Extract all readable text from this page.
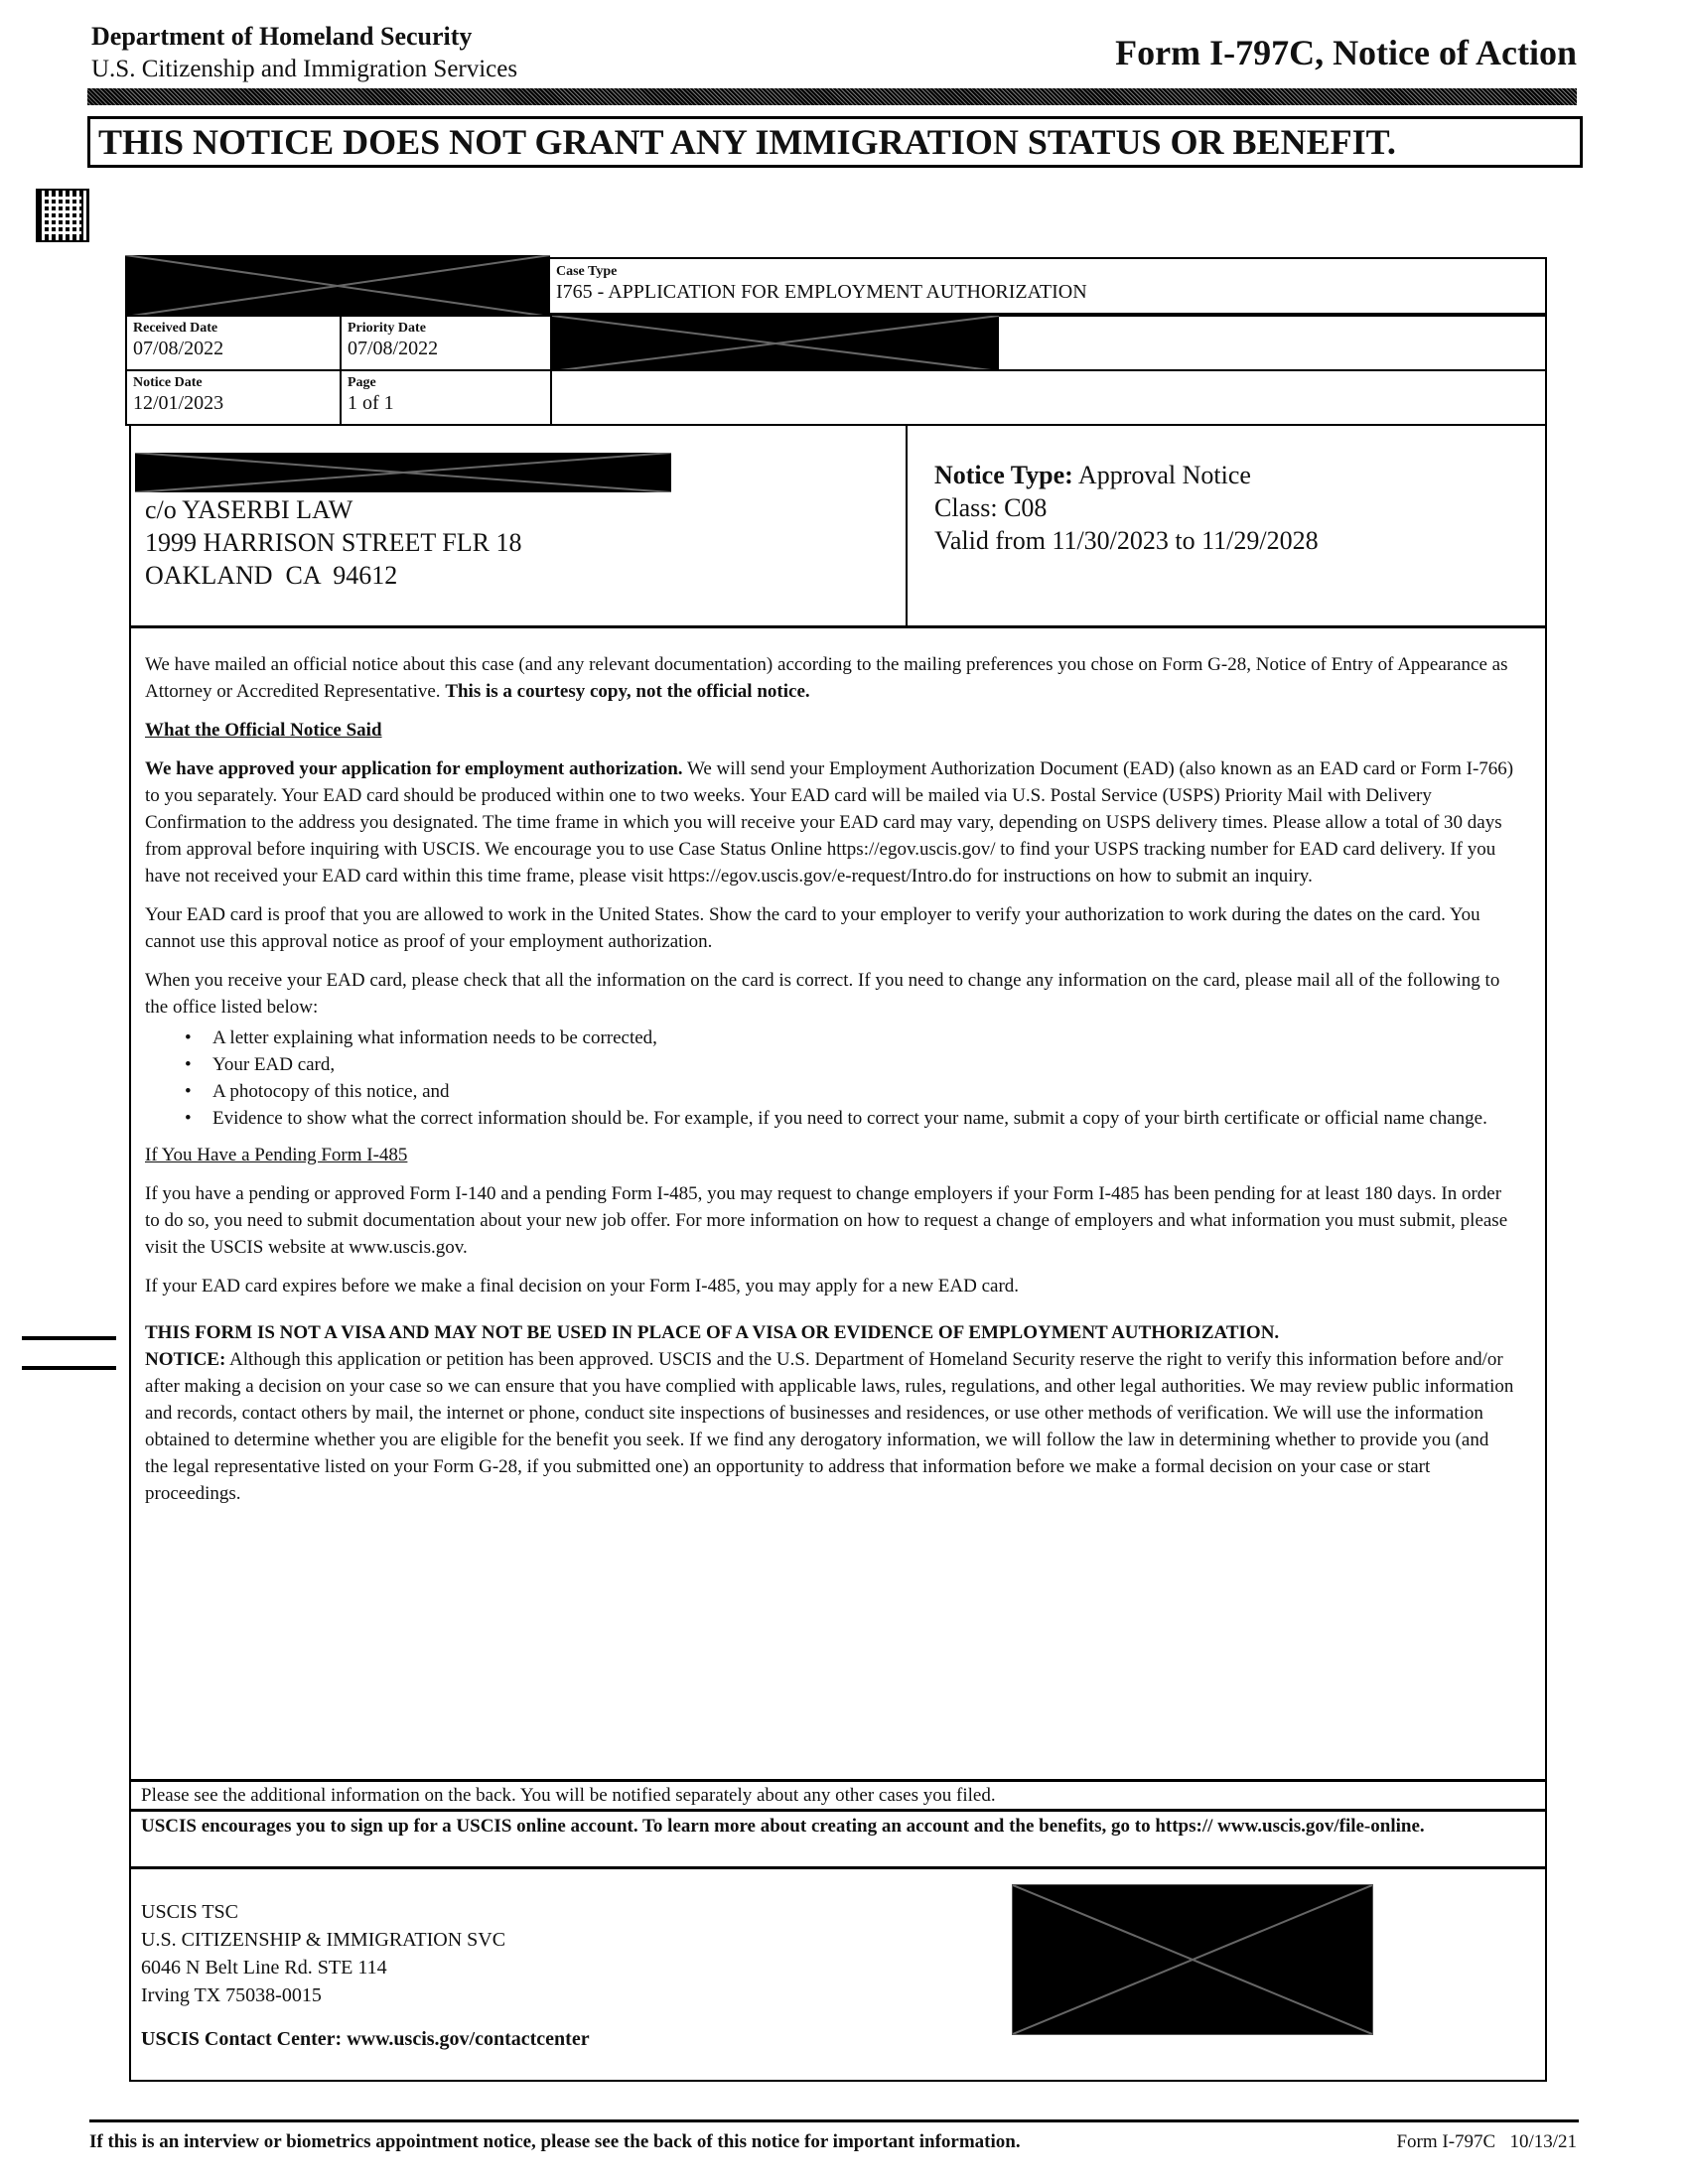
Department of Homeland Security
U.S. Citizenship and Immigration Services	Form I-797C, Notice of Action
THIS NOTICE DOES NOT GRANT ANY IMMIGRATION STATUS OR BENEFIT.
Case Type
I765 - APPLICATION FOR EMPLOYMENT AUTHORIZATION
Received Date
07/08/2022
Priority Date
07/08/2022
Notice Date
12/01/2023
Page
1 of 1
c/o YASERBI LAW
1999 HARRISON STREET FLR 18
OAKLAND  CA  94612
Notice Type: Approval Notice
Class: C08
Valid from 11/30/2023 to 11/29/2028

We have mailed an official notice about this case (and any relevant documentation) according to the mailing preferences you chose on Form G-28, Notice of Entry of Appearance as Attorney or Accredited Representative. This is a courtesy copy, not the official notice.

What the Official Notice Said

We have approved your application for employment authorization. We will send your Employment Authorization Document (EAD) (also known as an EAD card or Form I-766) to you separately. Your EAD card should be produced within one to two weeks. Your EAD card will be mailed via U.S. Postal Service (USPS) Priority Mail with Delivery Confirmation to the address you designated. The time frame in which you will receive your EAD card may vary, depending on USPS delivery times. Please allow a total of 30 days from approval before inquiring with USCIS. We encourage you to use Case Status Online https://egov.uscis.gov/ to find your USPS tracking number for EAD card delivery. If you have not received your EAD card within this time frame, please visit https://egov.uscis.gov/e-request/Intro.do for instructions on how to submit an inquiry.

Your EAD card is proof that you are allowed to work in the United States. Show the card to your employer to verify your authorization to work during the dates on the card. You cannot use this approval notice as proof of your employment authorization.

When you receive your EAD card, please check that all the information on the card is correct. If you need to change any information on the card, please mail all of the following to the office listed below:

• A letter explaining what information needs to be corrected,
• Your EAD card,
• A photocopy of this notice, and
• Evidence to show what the correct information should be. For example, if you need to correct your name, submit a copy of your birth certificate or official name change.

If You Have a Pending Form I-485

If you have a pending or approved Form I-140 and a pending Form I-485, you may request to change employers if your Form I-485 has been pending for at least 180 days. In order to do so, you need to submit documentation about your new job offer. For more information on how to request a change of employers and what information you must submit, please visit the USCIS website at www.uscis.gov.

If your EAD card expires before we make a final decision on your Form I-485, you may apply for a new EAD card.

THIS FORM IS NOT A VISA AND MAY NOT BE USED IN PLACE OF A VISA OR EVIDENCE OF EMPLOYMENT AUTHORIZATION.

NOTICE: Although this application or petition has been approved. USCIS and the U.S. Department of Homeland Security reserve the right to verify this information before and/or after making a decision on your case so we can ensure that you have complied with applicable laws, rules, regulations, and other legal authorities. We may review public information and records, contact others by mail, the internet or phone, conduct site inspections of businesses and residences, or use other methods of verification. We will use the information obtained to determine whether you are eligible for the benefit you seek. If we find any derogatory information, we will follow the law in determining whether to provide you (and the legal representative listed on your Form G-28, if you submitted one) an opportunity to address that information before we make a formal decision on your case or start proceedings.

Please see the additional information on the back. You will be notified separately about any other cases you filed.
USCIS encourages you to sign up for a USCIS online account. To learn more about creating an account and the benefits, go to https:// www.uscis.gov/file-online.
USCIS TSC
U.S. CITIZENSHIP & IMMIGRATION SVC
6046 N Belt Line Rd. STE 114
Irving TX 75038-0015
USCIS Contact Center: www.uscis.gov/contactcenter
If this is an interview or biometrics appointment notice, please see the back of this notice for important information.	Form I-797C 10/13/21
